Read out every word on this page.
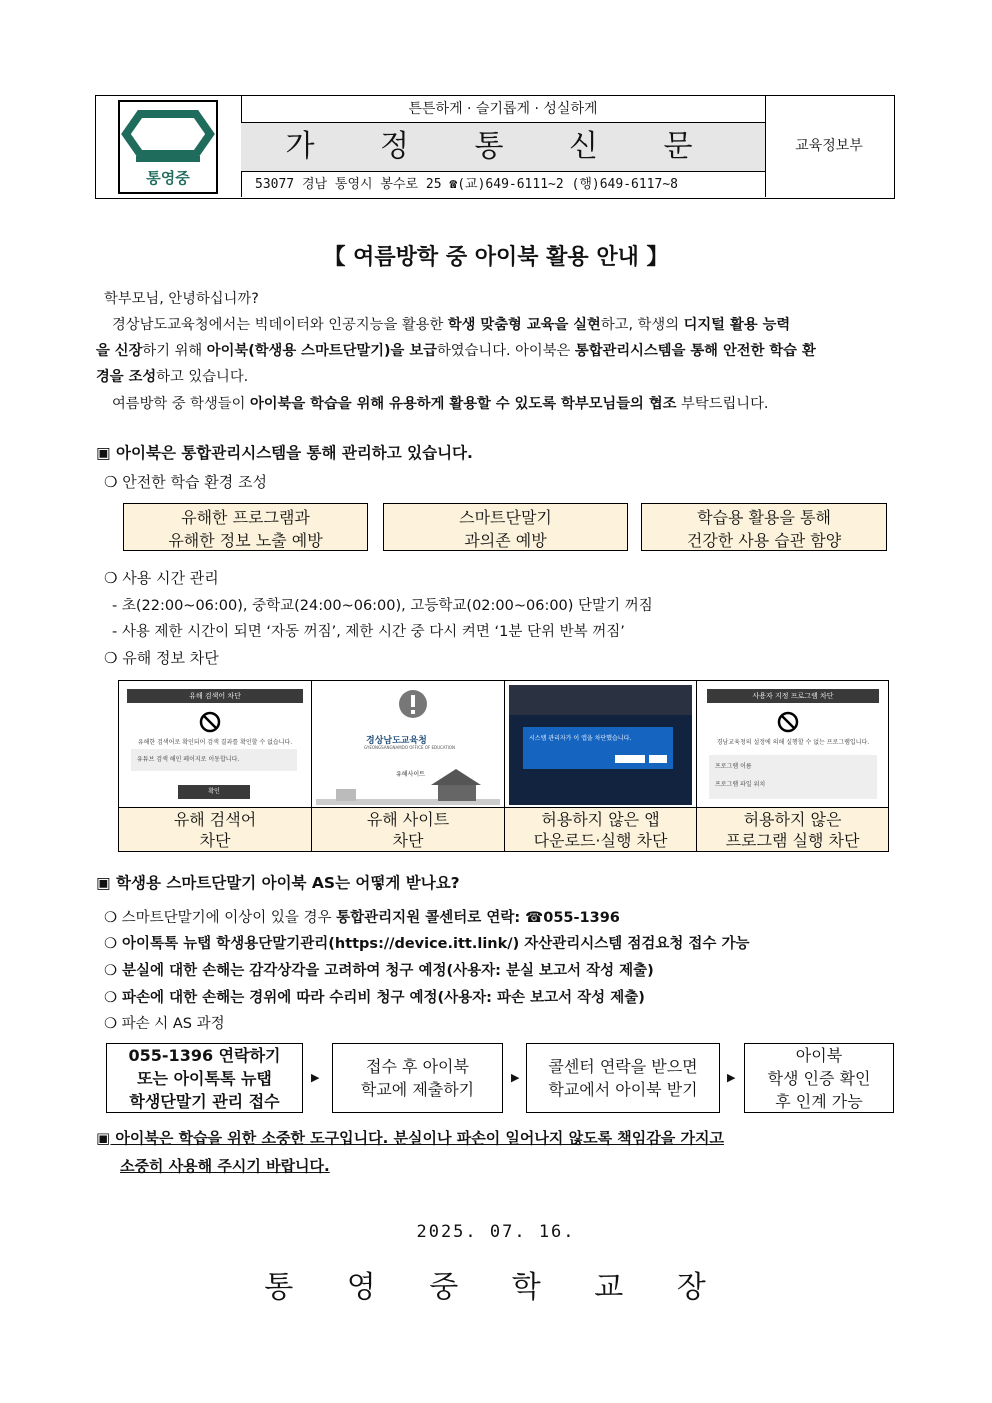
통영중
튼튼하게 · 슬기롭게 · 성실하게
가 정 통 신 문
53077 경남 통영시 봉수로 25 ☎(교)649-6111~2 (행)649-6117~8
교육정보부
【 여름방학 중 아이북 활용 안내 】
학부모님, 안녕하십니까?
경상남도교육청에서는 빅데이터와 인공지능을 활용한 학생 맞춤형 교육을 실현하고, 학생의 디지털 활용 능력
을 신장하기 위해 아이북(학생용 스마트단말기)을 보급하였습니다. 아이북은 통합관리시스템을 통해 안전한 학습 환
경을 조성하고 있습니다.
여름방학 중 학생들이 아이북을 학습을 위해 유용하게 활용할 수 있도록 학부모님들의 협조 부탁드립니다.
▣ 아이북은 통합관리시스템을 통해 관리하고 있습니다.
❍ 안전한 학습 환경 조성
유해한 프로그램과
유해한 정보 노출 예방
스마트단말기
과의존 예방
학습용 활용을 통해
건강한 사용 습관 함양
❍ 사용 시간 관리
- 초(22:00~06:00), 중학교(24:00~06:00), 고등학교(02:00~06:00) 단말기 꺼짐
- 사용 제한 시간이 되면 ‘자동 꺼짐’, 제한 시간 중 다시 켜면 ‘1분 단위 반복 꺼짐’
❍ 유해 정보 차단
유해 검색어 차단
유해한 검색어로 확인되어 검색 결과를 확인할 수 없습니다.
유튜브 검색 해인 페이지로 이동합니다.
확인
유해 검색어
차단
경상남도교육청
GYEONGSANGNAMDO OFFICE OF EDUCATION
유해사이트
유해 사이트
차단
시스템 관리자가 이 앱을 차단했습니다.
허용하지 않은 앱
다운로드·실행 차단
사용자 지정 프로그램 차단
경남교육청의 설정에 의해 실행할 수 없는 프로그램입니다.
프로그램 이름
프로그램 파일 위치
허용하지 않은
프로그램 실행 차단
▣ 학생용 스마트단말기 아이북 AS는 어떻게 받나요?
❍ 스마트단말기에 이상이 있을 경우 통합관리지원 콜센터로 연락: ☎055-1396
❍ 아이톡톡 뉴탭 학생용단말기관리(https://device.itt.link/) 자산관리시스템 점검요청 접수 가능
❍ 분실에 대한 손해는 감각상각을 고려하여 청구 예정(사용자: 분실 보고서 작성 제출)
❍ 파손에 대한 손해는 경위에 따라 수리비 청구 예정(사용자: 파손 보고서 작성 제출)
❍ 파손 시 AS 과정
055-1396 연락하기
또는 아이톡톡 뉴탭
학생단말기 관리 접수
▶
접수 후 아이북
학교에 제출하기
▶
콜센터 연락을 받으면
학교에서 아이북 받기
▶
아이북
학생 인증 확인
후 인계 가능
▣ 아이북은 학습을 위한 소중한 도구입니다. 분실이나 파손이 일어나지 않도록 책임감을 가지고
소중히 사용해 주시기 바랍니다.
2025. 07. 16.
통 영 중 학 교 장
